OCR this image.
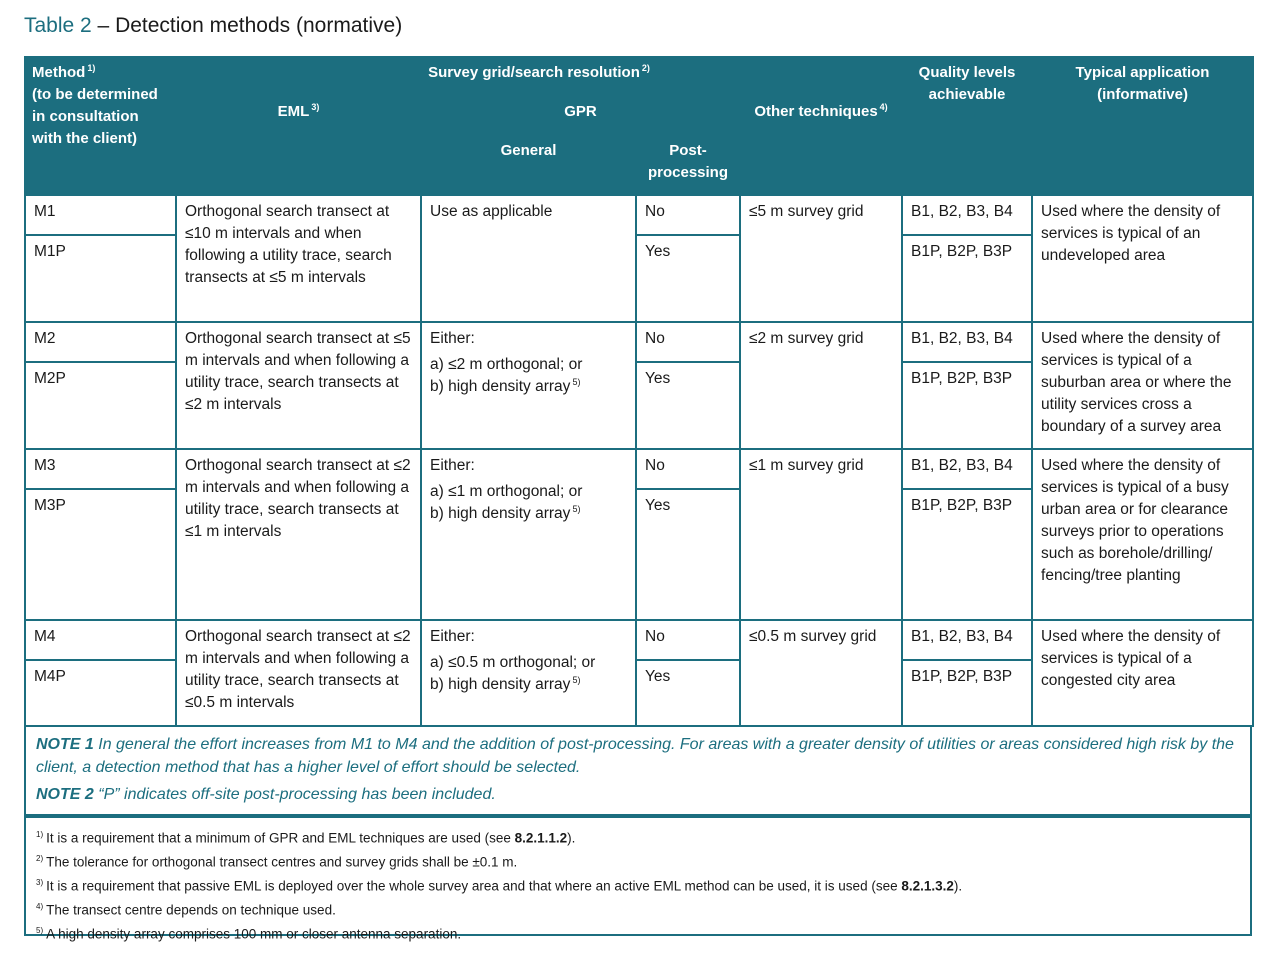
Table 2 – Detection methods (normative)
Method $^{1)}$
(to be determined in consultation with the client)	Survey grid/search resolution $^{2)}$				Quality levels achievable	Typical application (informative)
	EML $^{3)}$	GPR		Other techniques $^{4)}$
		General	Post-processing			
M1	Orthogonal search transect at ≤10 m intervals and when following a utility trace, search transects at ≤5 m intervals	Use as applicable	No	≤5 m survey grid	B1, B2, B3, B4	Used where the density of services is typical of an undeveloped area
M1P			Yes		B1P, B2P, B3P	
M2	Orthogonal search transect at ≤5 m intervals and when following a utility trace, search transects at ≤2 m intervals	Either:
a) ≤2 m orthogonal; or
b) high density array $^{5)}$	No	≤2 m survey grid	B1, B2, B3, B4	Used where the density of services is typical of a suburban area or where the utility services cross a boundary of a survey area
M2P			Yes		B1P, B2P, B3P	
M3	Orthogonal search transect at ≤2 m intervals and when following a utility trace, search transects at ≤1 m intervals	Either:
a) ≤1 m orthogonal; or
b) high density array $^{5)}$	No	≤1 m survey grid	B1, B2, B3, B4	Used where the density of services is typical of a busy urban area or for clearance surveys prior to operations such as borehole/drilling/ fencing/tree planting
M3P			Yes		B1P, B2P, B3P	
M4	Orthogonal search transect at ≤2 m intervals and when following a utility trace, search transects at ≤0.5 m intervals	Either:
a) ≤0.5 m orthogonal; or
b) high density array $^{5)}$	No	≤0.5 m survey grid	B1, B2, B3, B4	Used where the density of services is typical of a congested city area
M4P			Yes		B1P, B2P, B3P	
NOTE 1 In general the effort increases from M1 to M4 and the addition of post-processing. For areas with a greater density of utilities or areas considered high risk by the client, a detection method that has a higher level of effort should be selected.
NOTE 2 “P” indicates off-site post-processing has been included.
$^{1)}$ It is a requirement that a minimum of GPR and EML techniques are used (see 8.2.1.1.2).
$^{2)}$ The tolerance for orthogonal transect centres and survey grids shall be ±0.1 m.
$^{3)}$ It is a requirement that passive EML is deployed over the whole survey area and that where an active EML method can be used, it is used (see 8.2.1.3.2).
$^{4)}$ The transect centre depends on technique used.
$^{5)}$ A high density array comprises 100 mm or closer antenna separation.
